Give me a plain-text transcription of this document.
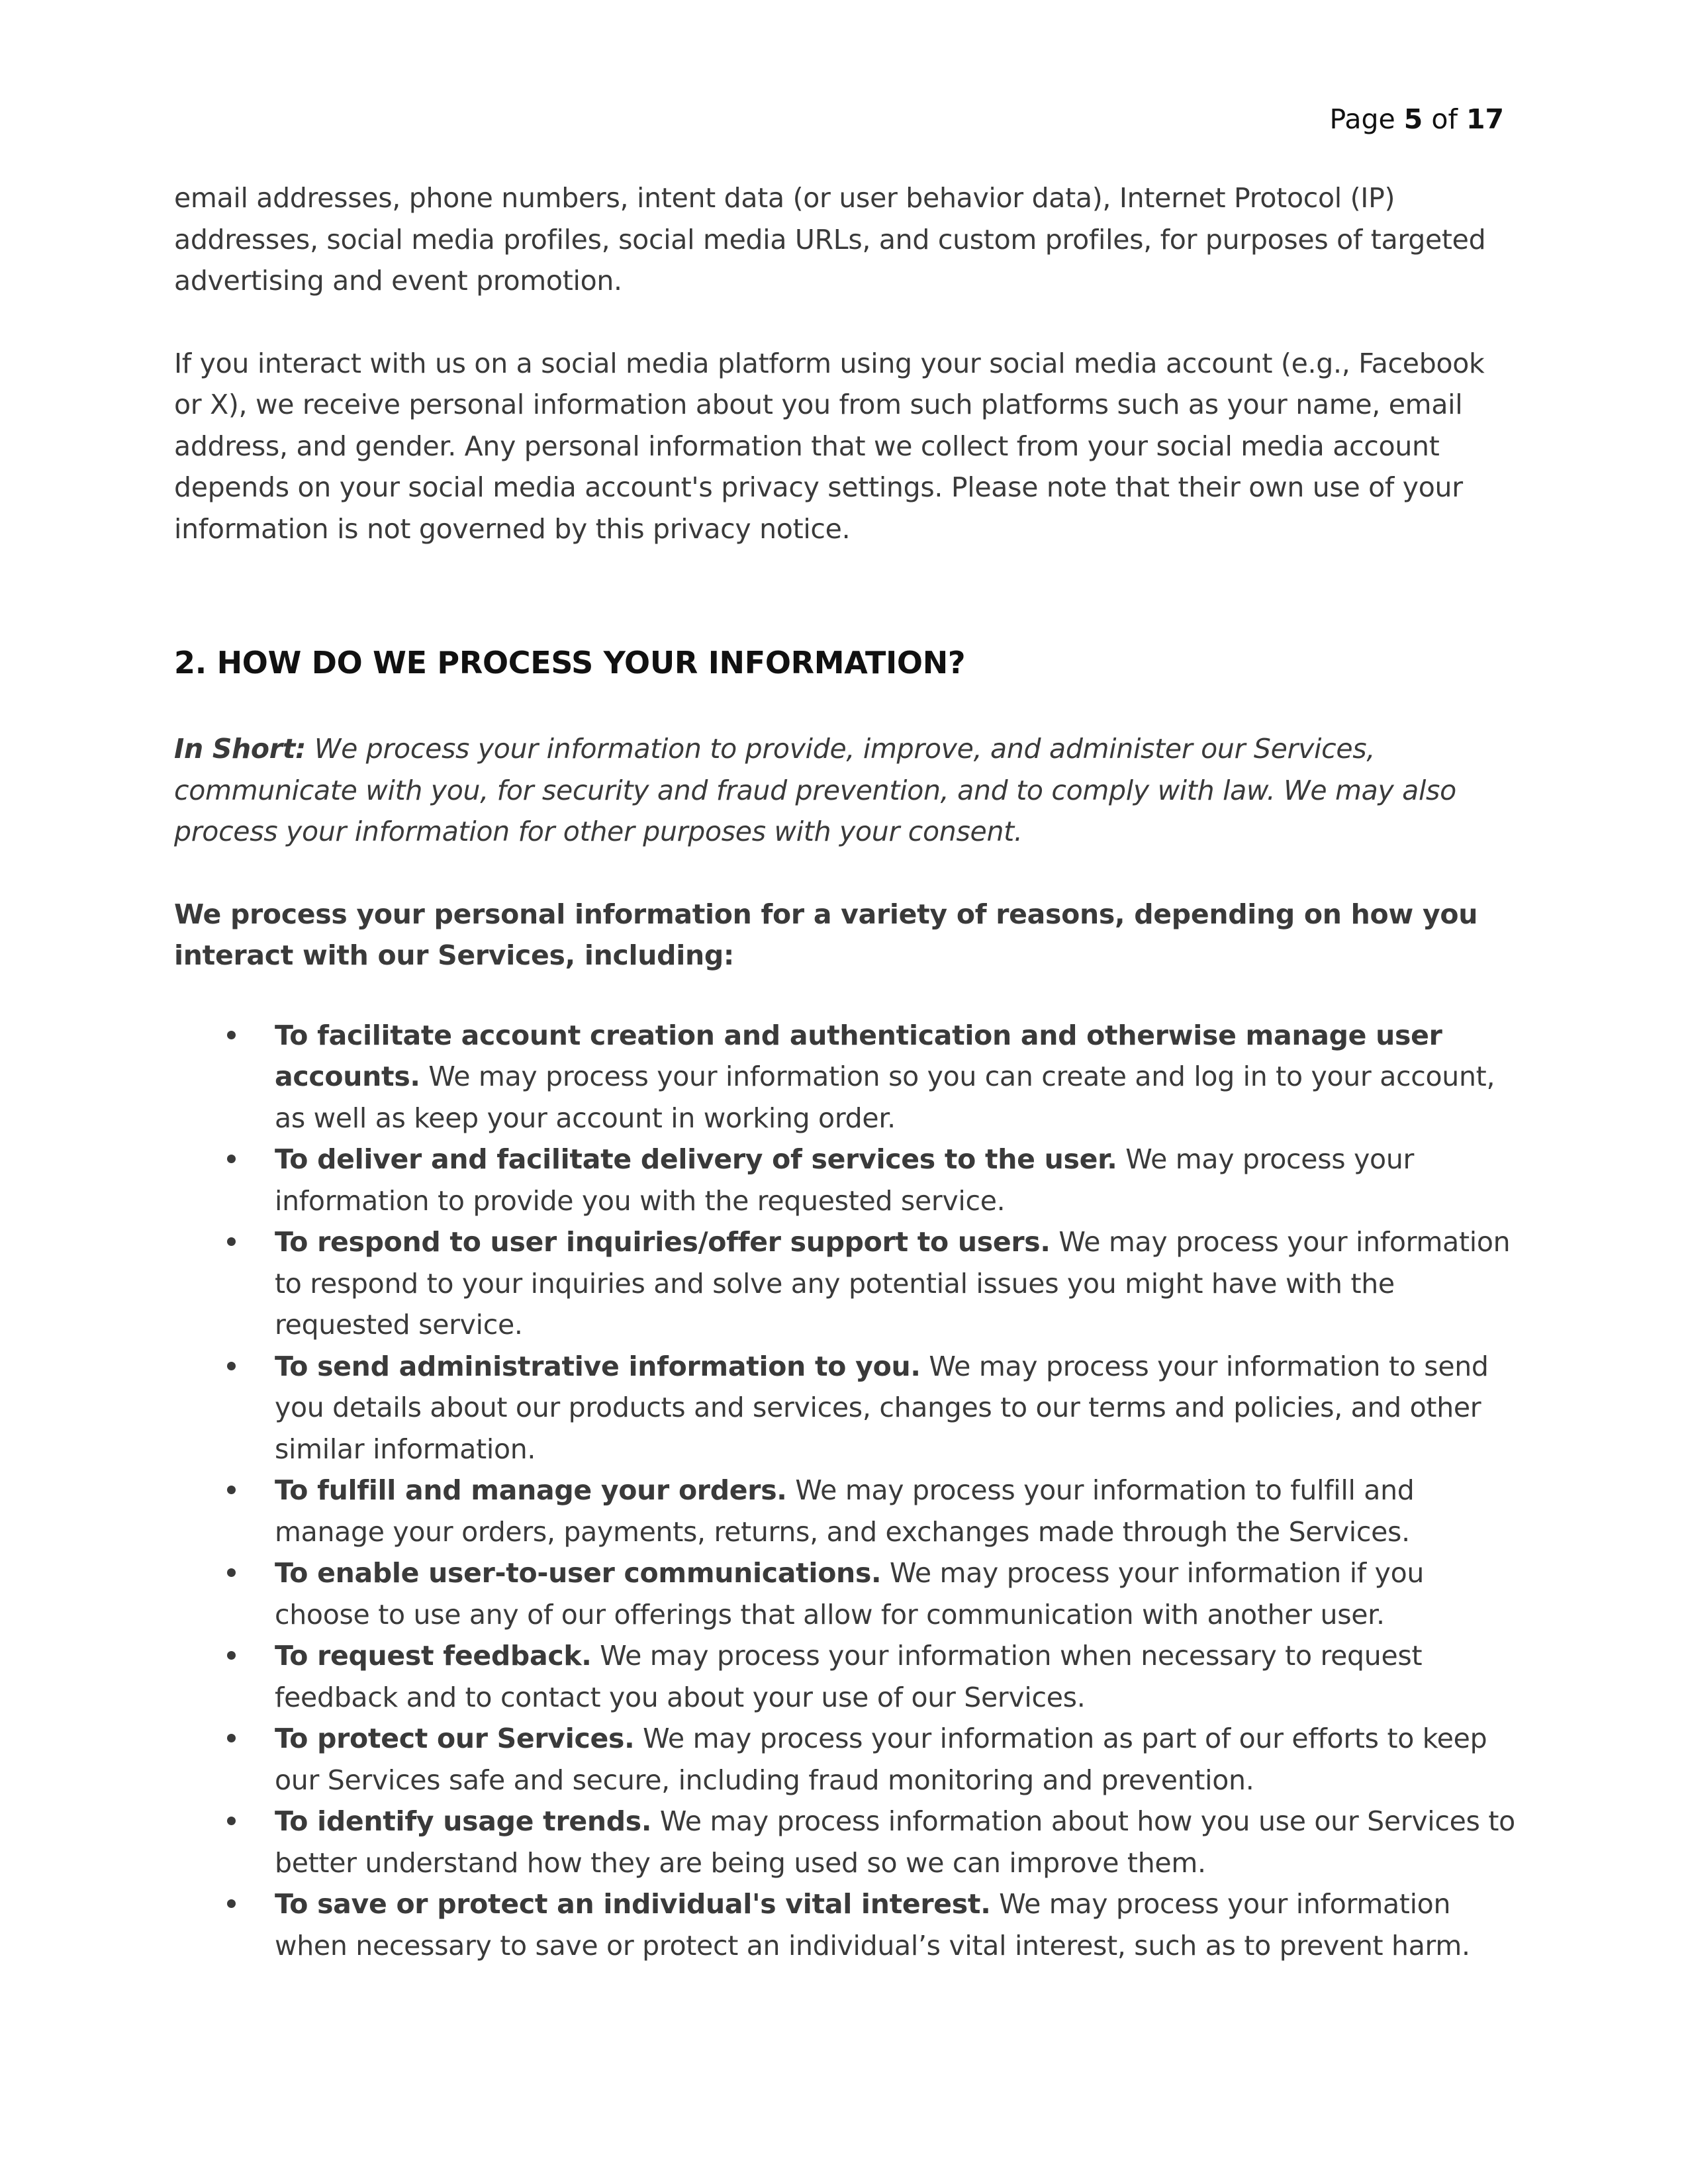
Page 5 of 17

email addresses, phone numbers, intent data (or user behavior data), Internet Protocol (IP) addresses, social media profiles, social media URLs, and custom profiles, for purposes of targeted advertising and event promotion.

If you interact with us on a social media platform using your social media account (e.g., Facebook or X), we receive personal information about you from such platforms such as your name, email address, and gender. Any personal information that we collect from your social media account depends on your social media account's privacy settings. Please note that their own use of your information is not governed by this privacy notice.

2. HOW DO WE PROCESS YOUR INFORMATION?

In Short: We process your information to provide, improve, and administer our Services, communicate with you, for security and fraud prevention, and to comply with law. We may also process your information for other purposes with your consent.

We process your personal information for a variety of reasons, depending on how you interact with our Services, including:

To facilitate account creation and authentication and otherwise manage user accounts. We may process your information so you can create and log in to your account, as well as keep your account in working order.
To deliver and facilitate delivery of services to the user. We may process your information to provide you with the requested service.
To respond to user inquiries/offer support to users. We may process your information to respond to your inquiries and solve any potential issues you might have with the requested service.
To send administrative information to you. We may process your information to send you details about our products and services, changes to our terms and policies, and other similar information.
To fulfill and manage your orders. We may process your information to fulfill and manage your orders, payments, returns, and exchanges made through the Services.
To enable user-to-user communications. We may process your information if you choose to use any of our offerings that allow for communication with another user.
To request feedback. We may process your information when necessary to request feedback and to contact you about your use of our Services.
To protect our Services. We may process your information as part of our efforts to keep our Services safe and secure, including fraud monitoring and prevention.
To identify usage trends. We may process information about how you use our Services to better understand how they are being used so we can improve them.
To save or protect an individual's vital interest. We may process your information when necessary to save or protect an individual’s vital interest, such as to prevent harm.
